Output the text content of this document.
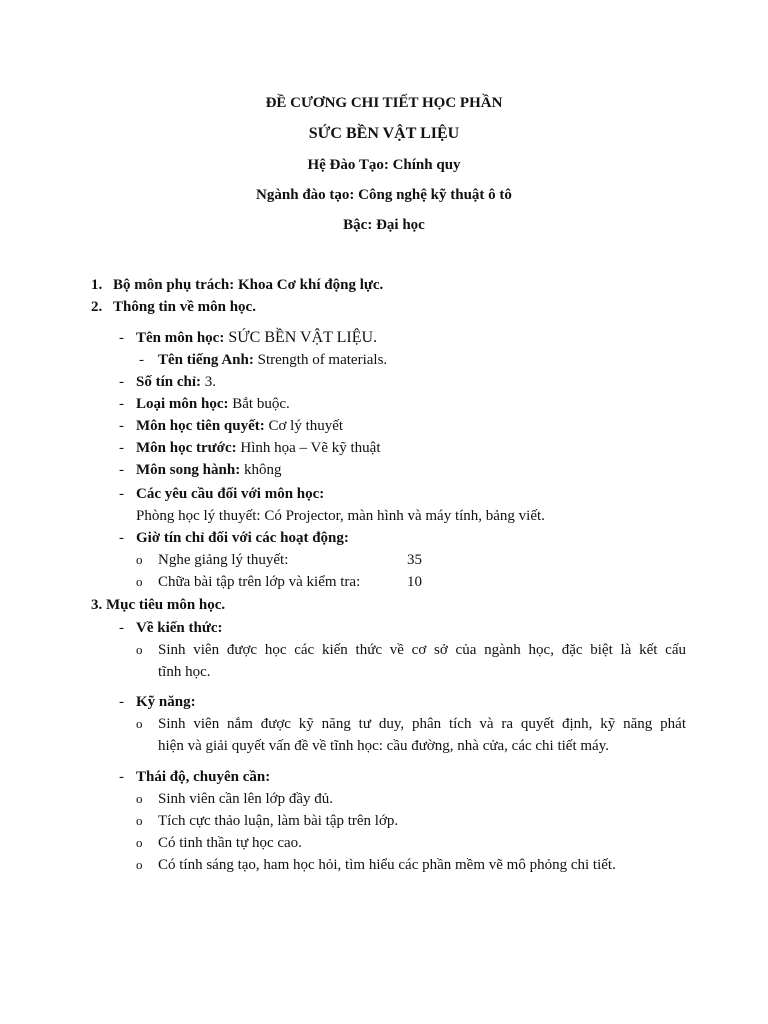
ĐỀ CƯƠNG CHI TIẾT HỌC PHẦN
SỨC BỀN VẬT LIỆU
Hệ Đào Tạo: Chính quy
Ngành đào tạo: Công nghệ kỹ thuật ô tô
Bậc: Đại học
1. Bộ môn phụ trách: Khoa Cơ khí động lực.
2. Thông tin về môn học.
- Tên môn học: SỨC BỀN VẬT LIỆU.
- Tên tiếng Anh: Strength of materials.
- Số tín chỉ: 3.
- Loại môn học: Bắt buộc.
- Môn học tiên quyết: Cơ lý thuyết
- Môn học trước: Hình họa – Vẽ kỹ thuật
- Môn song hành: không
- Các yêu cầu đối với môn học:
Phòng học lý thuyết: Có Projector, màn hình và máy tính, bảng viết.
- Giờ tín chỉ đối với các hoạt động:
o Nghe giảng lý thuyết:	35
o Chữa bài tập trên lớp và kiểm tra:	10
3. Mục tiêu môn học.
- Về kiến thức:
o Sinh viên được học các kiến thức về cơ sở của ngành học, đặc biệt là kết cấu
tĩnh học.
- Kỹ năng:
o Sinh viên nắm được kỹ năng tư duy, phân tích và ra quyết định, kỹ năng phát
hiện và giải quyết vấn đề về tĩnh học: cầu đường, nhà cửa, các chi tiết máy.
- Thái độ, chuyên cần:
o Sinh viên cần lên lớp đầy đủ.
o Tích cực thảo luận, làm bài tập trên lớp.
o Có tinh thần tự học cao.
o Có tính sáng tạo, ham học hỏi, tìm hiểu các phần mềm vẽ mô phỏng chi tiết.
